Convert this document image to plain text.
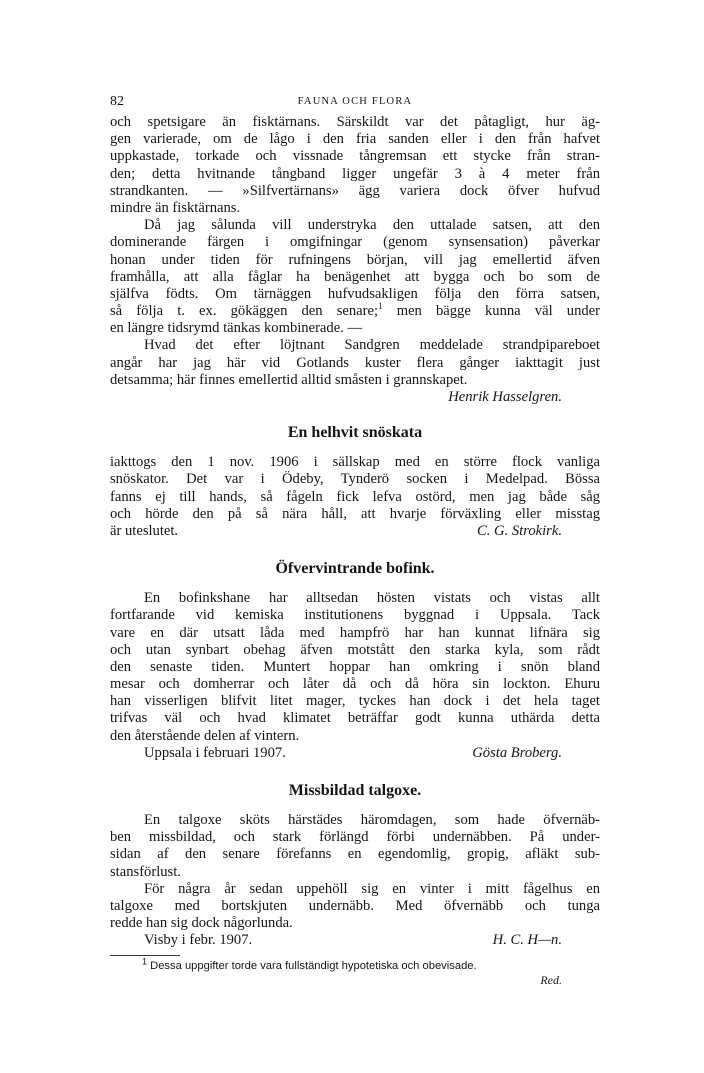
82	FAUNA OCH FLORA
och spetsigare än fisktärnans. Särskildt var det påtagligt, hur äg-
gen varierade, om de lågo i den fria sanden eller i den från hafvet
uppkastade, torkade och vissnade tångremsan ett stycke från stran-
den; detta hvitnande tångband ligger ungefär 3 à 4 meter från
strandkanten. — »Silfvertärnans» ägg variera dock öfver hufvud
mindre än fisktärnans.
Då jag sålunda vill understryka den uttalade satsen, att den
dominerande färgen i omgifningar (genom synsensation) påverkar
honan under tiden för rufningens början, vill jag emellertid äfven
framhålla, att alla fåglar ha benägenhet att bygga och bo som de
själfva födts. Om tärnäggen hufvudsakligen följa den förra satsen,
så följa t. ex. gökäggen den senare;$^1$ men bägge kunna väl under
en längre tidsrymd tänkas kombinerade. —
Hvad det efter löjtnant Sandgren meddelade strandpipareboet
angår har jag här vid Gotlands kuster flera gånger iakttagit just
detsamma; här finnes emellertid alltid småsten i grannskapet.
Henrik Hasselgren.
En helhvit snöskata
iakttogs den 1 nov. 1906 i sällskap med en större flock vanliga
snöskator. Det var i Ödeby, Tynderö socken i Medelpad. Bössa
fanns ej till hands, så fågeln fick lefva ostörd, men jag både såg
och hörde den på så nära håll, att hvarje förväxling eller misstag
är uteslutet.	C. G. Strokirk.
Öfvervintrande bofink.
En bofinkshane har alltsedan hösten vistats och vistas allt
fortfarande vid kemiska institutionens byggnad i Uppsala. Tack
vare en där utsatt låda med hampfrö har han kunnat lifnära sig
och utan synbart obehag äfven motstått den starka kyla, som rådt
den senaste tiden. Muntert hoppar han omkring i snön bland
mesar och domherrar och låter då och då höra sin lockton. Ehuru
han visserligen blifvit litet mager, tyckes han dock i det hela taget
trifvas väl och hvad klimatet beträffar godt kunna uthärda detta
den återstående delen af vintern.
Uppsala i februari 1907.	Gösta Broberg.
Missbildad talgoxe.
En talgoxe sköts härstädes häromdagen, som hade öfvernäb-
ben missbildad, och stark förlängd förbi undernäbben. På under-
sidan af den senare förefanns en egendomlig, gropig, afläkt sub-
stansförlust.
För några år sedan uppehöll sig en vinter i mitt fågelhus en
talgoxe med bortskjuten undernäbb. Med öfvernäbb och tunga
redde han sig dock någorlunda.
Visby i febr. 1907.	H. C. H—n.
$^1$ Dessa uppgifter torde vara fullständigt hypotetiska och obevisade.
Red.
